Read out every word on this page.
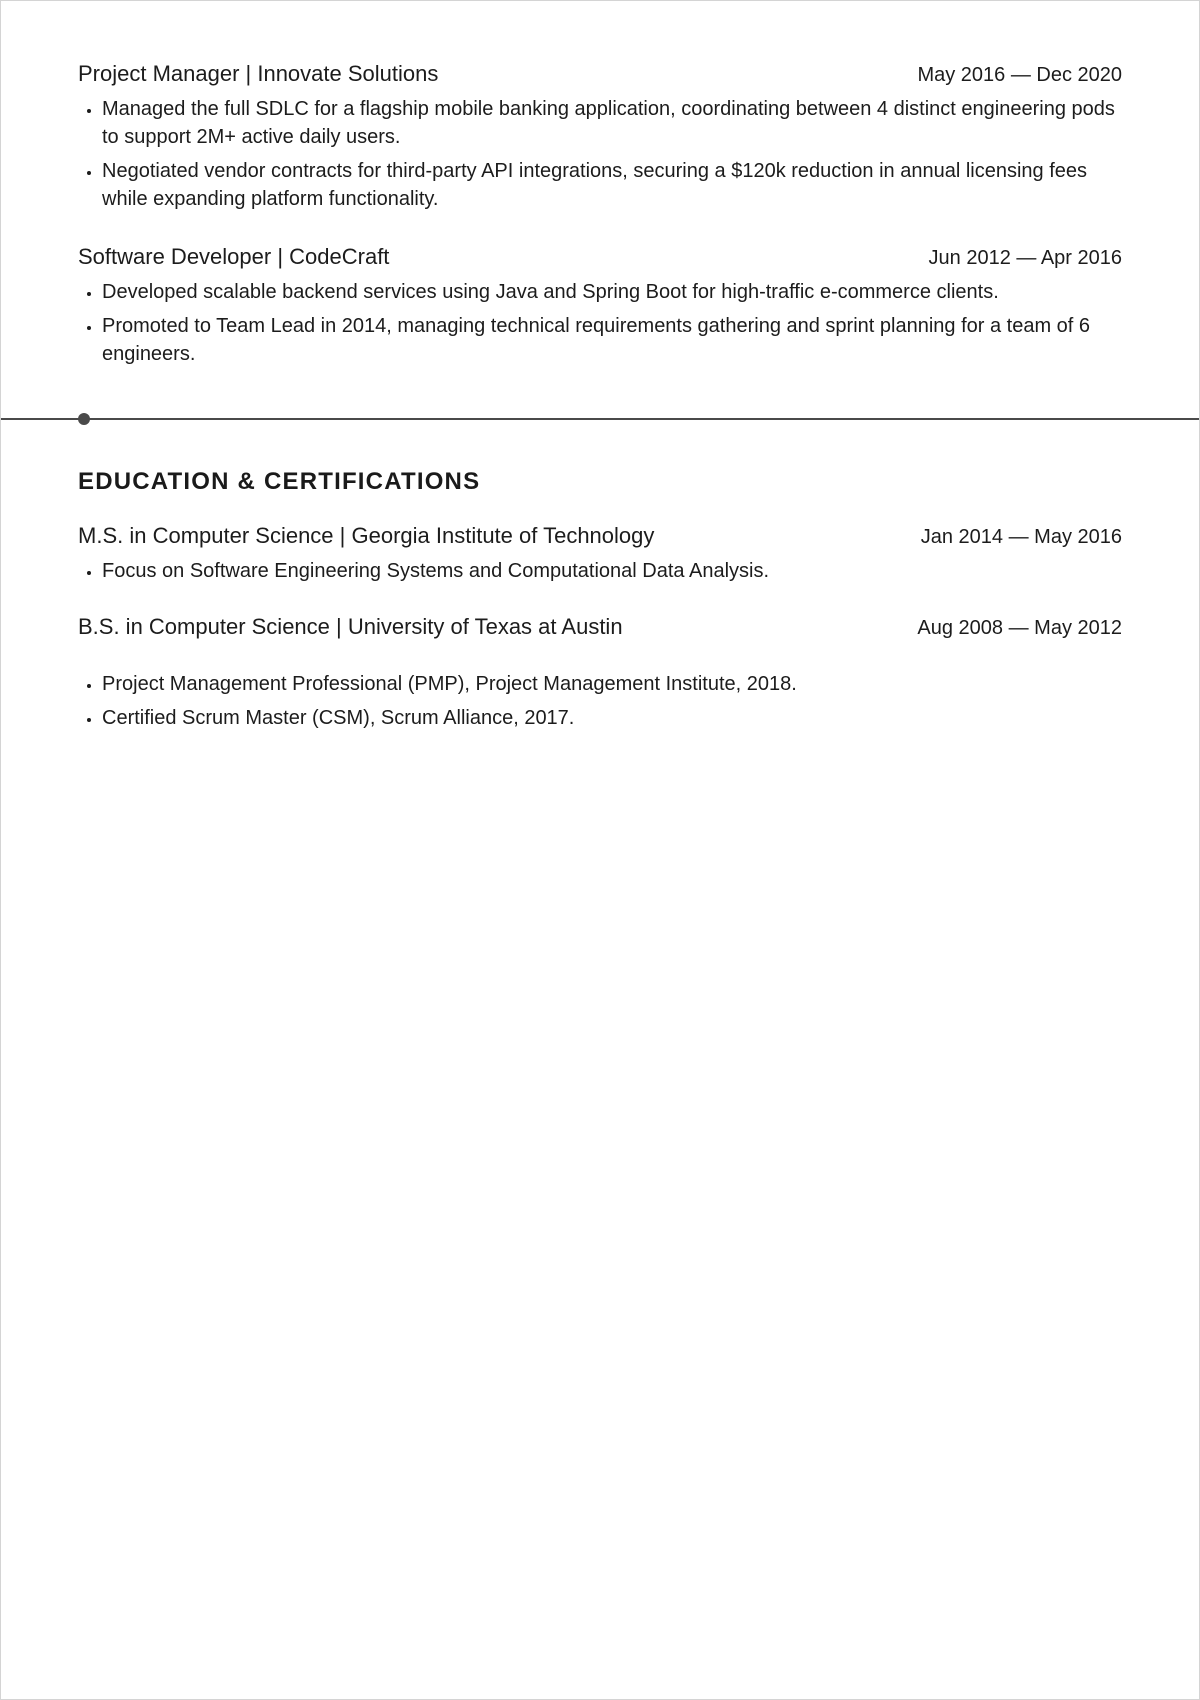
Project Manager | Innovate Solutions	May 2016 — Dec 2020
• Managed the full SDLC for a flagship mobile banking application, coordinating between 4 distinct engineering pods to support 2M+ active daily users.
• Negotiated vendor contracts for third-party API integrations, securing a $120k reduction in annual licensing fees while expanding platform functionality.
Software Developer | CodeCraft	Jun 2012 — Apr 2016
• Developed scalable backend services using Java and Spring Boot for high-traffic e-commerce clients.
• Promoted to Team Lead in 2014, managing technical requirements gathering and sprint planning for a team of 6 engineers.
EDUCATION & CERTIFICATIONS
M.S. in Computer Science | Georgia Institute of Technology	Jan 2014 — May 2016
• Focus on Software Engineering Systems and Computational Data Analysis.
B.S. in Computer Science | University of Texas at Austin	Aug 2008 — May 2012
• Project Management Professional (PMP), Project Management Institute, 2018.
• Certified Scrum Master (CSM), Scrum Alliance, 2017.
